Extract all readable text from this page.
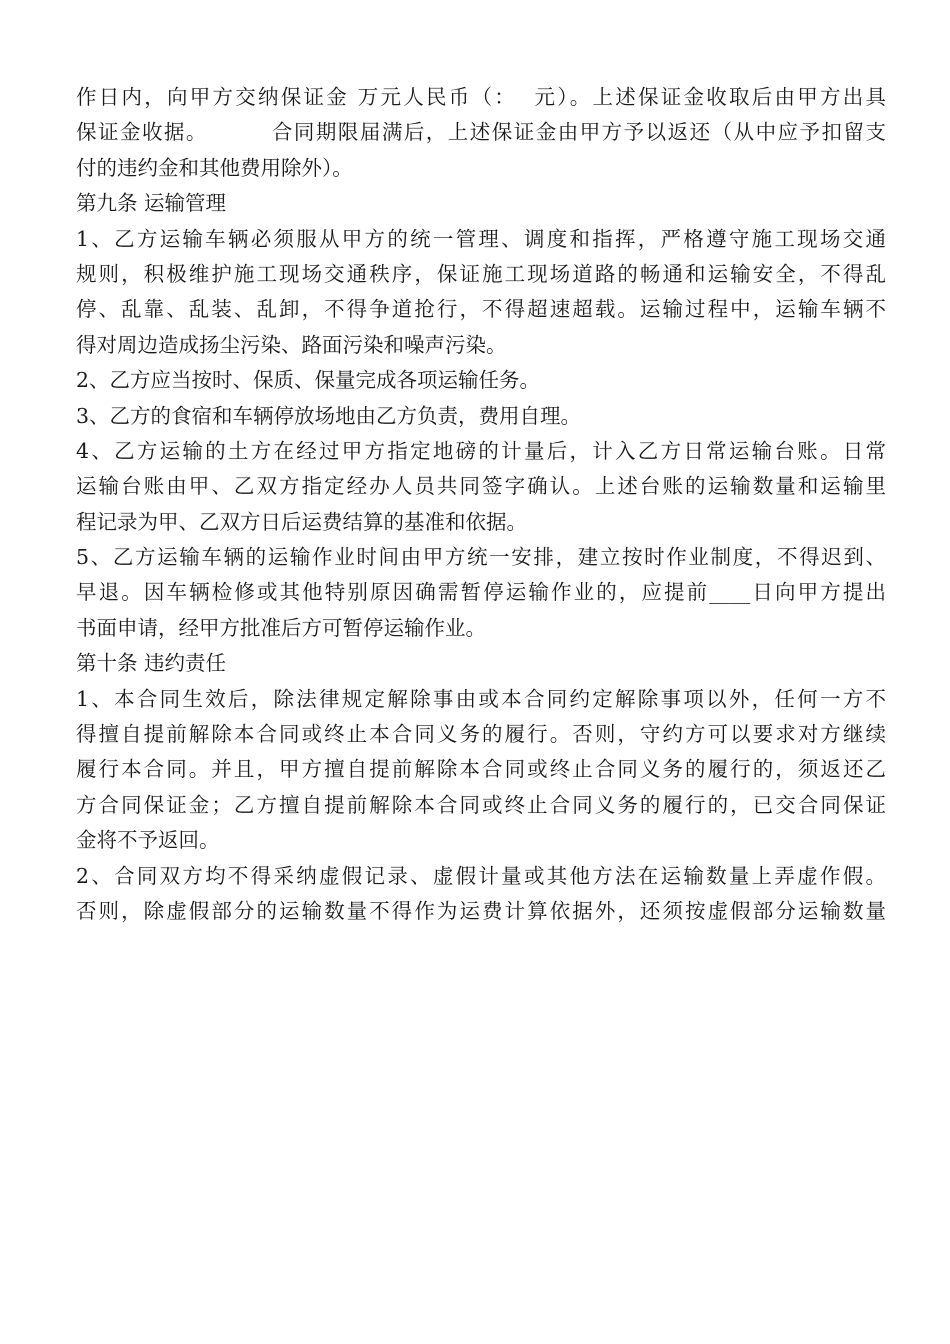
作日内，向甲方交纳保证金 万元人民币（：  元）。上述保证金收取后由甲方出具
保证金收据。        合同期限届满后，上述保证金由甲方予以返还（从中应予扣留支
付的违约金和其他费用除外）。
第九条 运输管理
1、乙方运输车辆必须服从甲方的统一管理、调度和指挥，严格遵守施工现场交通
规则，积极维护施工现场交通秩序，保证施工现场道路的畅通和运输安全，不得乱
停、乱靠、乱装、乱卸，不得争道抢行，不得超速超载。运输过程中，运输车辆不
得对周边造成扬尘污染、路面污染和噪声污染。
2、乙方应当按时、保质、保量完成各项运输任务。
3、乙方的食宿和车辆停放场地由乙方负责，费用自理。
4、乙方运输的土方在经过甲方指定地磅的计量后，计入乙方日常运输台账。日常
运输台账由甲、乙双方指定经办人员共同签字确认。上述台账的运输数量和运输里
程记录为甲、乙双方日后运费结算的基准和依据。
5、乙方运输车辆的运输作业时间由甲方统一安排，建立按时作业制度，不得迟到、
早退。因车辆检修或其他特别原因确需暂停运输作业的，应提前____日向甲方提出
书面申请，经甲方批准后方可暂停运输作业。
第十条 违约责任
1、本合同生效后，除法律规定解除事由或本合同约定解除事项以外，任何一方不
得擅自提前解除本合同或终止本合同义务的履行。否则，守约方可以要求对方继续
履行本合同。并且，甲方擅自提前解除本合同或终止合同义务的履行的，须返还乙
方合同保证金；乙方擅自提前解除本合同或终止合同义务的履行的，已交合同保证
金将不予返回。
2、合同双方均不得采纳虚假记录、虚假计量或其他方法在运输数量上弄虚作假。
否则，除虚假部分的运输数量不得作为运费计算依据外，还须按虚假部分运输数量
